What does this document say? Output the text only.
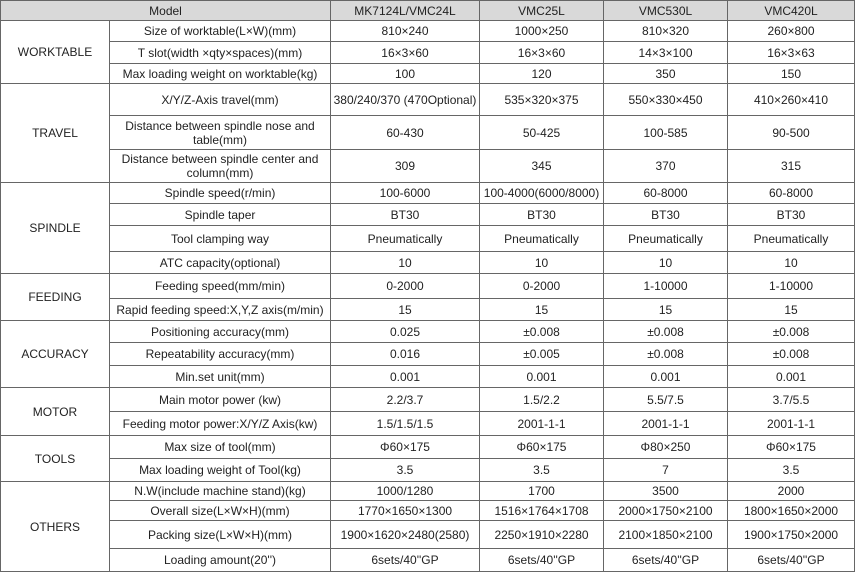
Model		MK7124L/VMC24L	VMC25L	VMC530L	VMC420L
WORKTABLE	Size of worktable(L×W)(mm)	810×240	1000×250	810×320	260×800
	T slot(width ×qty×spaces)(mm)	16×3×60	16×3×60	14×3×100	16×3×63
	Max loading weight on worktable(kg)	100	120	350	150
TRAVEL	X/Y/Z-Axis travel(mm)	380/240/370 (470Optional)	535×320×375	550×330×450	410×260×410
	Distance between spindle nose and table(mm)	60-430	50-425	100-585	90-500
	Distance between spindle center and column(mm)	309	345	370	315
SPINDLE	Spindle speed(r/min)	100-6000	100-4000(6000/8000)	60-8000	60-8000
	Spindle taper	BT30	BT30	BT30	BT30
	Tool clamping way	Pneumatically	Pneumatically	Pneumatically	Pneumatically
	ATC capacity(optional)	10	10	10	10
FEEDING	Feeding speed(mm/min)	0-2000	0-2000	1-10000	1-10000
	Rapid feeding speed:X,Y,Z axis(m/min)	15	15	15	15
ACCURACY	Positioning accuracy(mm)	0.025	±0.008	±0.008	±0.008
	Repeatability accuracy(mm)	0.016	±0.005	±0.008	±0.008
	Min.set unit(mm)	0.001	0.001	0.001	0.001
MOTOR	Main motor power (kw)	2.2/3.7	1.5/2.2	5.5/7.5	3.7/5.5
	Feeding motor power:X/Y/Z Axis(kw)	1.5/1.5/1.5	2001-1-1	2001-1-1	2001-1-1
TOOLS	Max size of tool(mm)	Φ60×175	Φ60×175	Φ80×250	Φ60×175
	Max loading weight of Tool(kg)	3.5	3.5	7	3.5
OTHERS	N.W(include machine stand)(kg)	1000/1280	1700	3500	2000
	Overall size(L×W×H)(mm)	1770×1650×1300	1516×1764×1708	2000×1750×2100	1800×1650×2000
	Packing size(L×W×H)(mm)	1900×1620×2480(2580)	2250×1910×2280	2100×1850×2100	1900×1750×2000
	Loading amount(20'')	6sets/40''GP	6sets/40''GP	6sets/40''GP	6sets/40''GP
